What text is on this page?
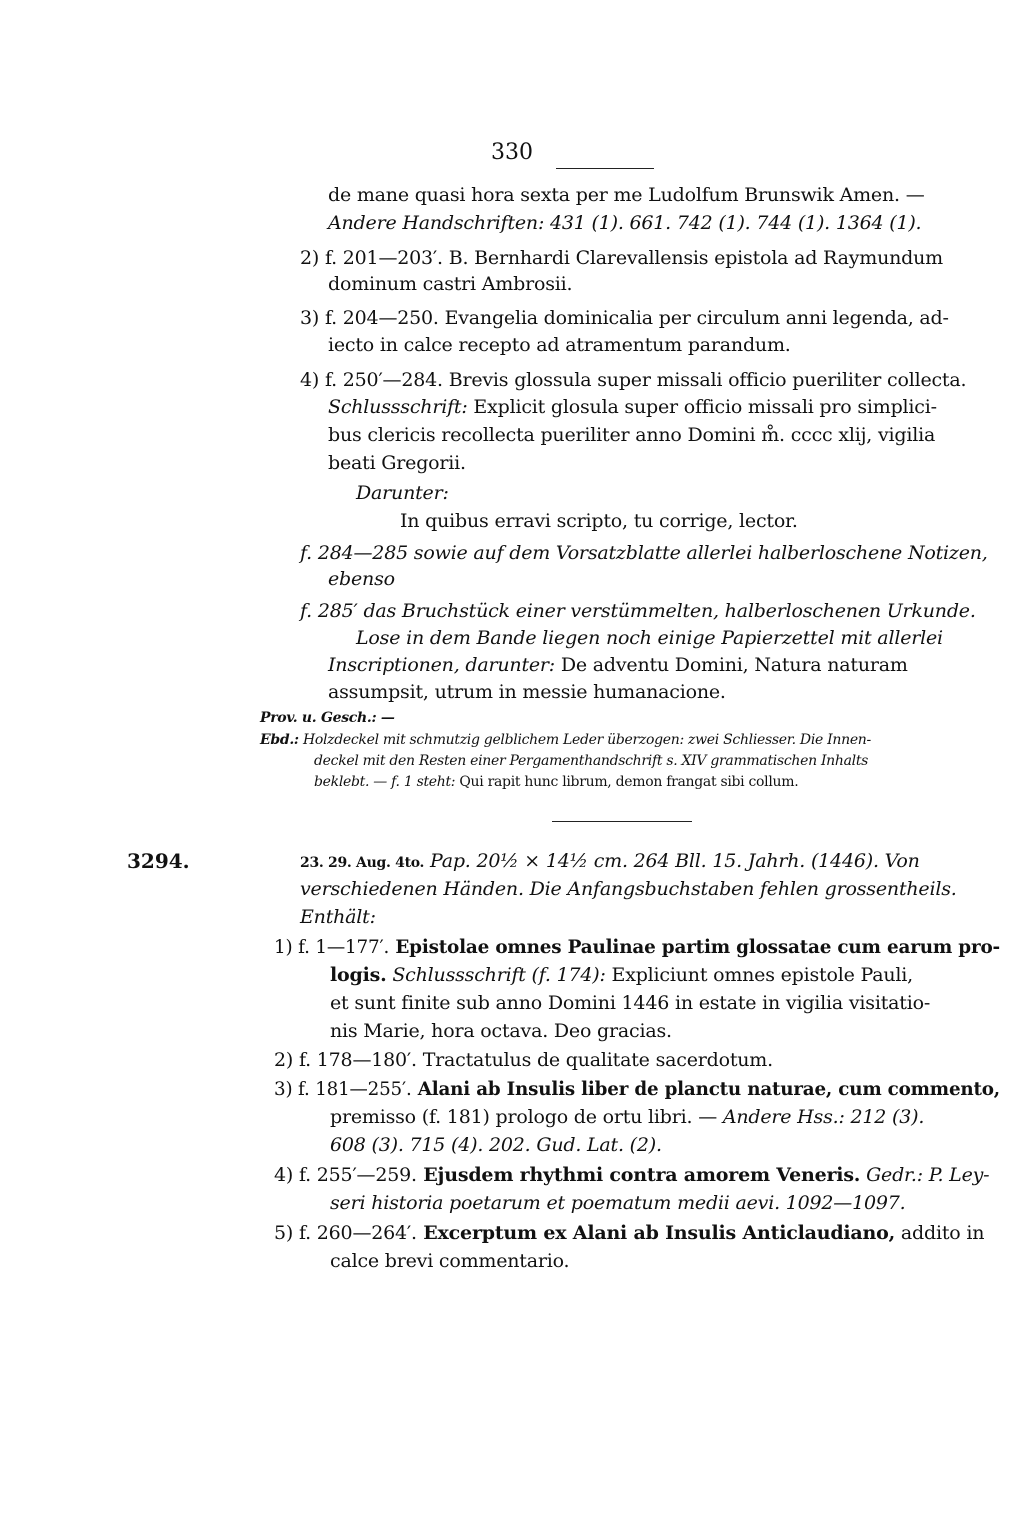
330
de mane quasi hora sexta per me Ludolfum Brunswik Amen. —
Andere Handschriften: 431 (1). 661. 742 (1). 744 (1). 1364 (1).
2) f. 201—203′. B. Bernhardi Clarevallensis epistola ad Raymundum
dominum castri Ambrosii.
3) f. 204—250. Evangelia dominicalia per circulum anni legenda, ad-
iecto in calce recepto ad atramentum parandum.
4) f. 250′—284. Brevis glossula super missali officio pueriliter collecta.
Schlussschrift: Explicit glosula super officio missali pro simplici-
bus clericis recollecta pueriliter anno Domini m̊. cccc xlij, vigilia
beati Gregorii.
Darunter:
In quibus erravi scripto, tu corrige, lector.
f. 284—285 sowie auf dem Vorsatzblatte allerlei halberloschene Notizen,
ebenso
f. 285′ das Bruchstück einer verstümmelten, halberloschenen Urkunde.
Lose in dem Bande liegen noch einige Papierzettel mit allerlei
Inscriptionen, darunter: De adventu Domini, Natura naturam
assumpsit, utrum in messie humanacione.
Prov. u. Gesch.: —
Ebd.: Holzdeckel mit schmutzig gelblichem Leder überzogen: zwei Schliesser. Die Innen-
deckel mit den Resten einer Pergamenthandschrift s. XIV grammatischen Inhalts
beklebt. — f. 1 steht: Qui rapit hunc librum, demon frangat sibi collum.
3294.	23. 29. Aug. 4to. Pap. 20½ × 14½ cm. 264 Bll. 15. Jahrh. (1446). Von
verschiedenen Händen. Die Anfangsbuchstaben fehlen grossentheils.
Enthält:
1) f. 1—177′. Epistolae omnes Paulinae partim glossatae cum earum pro-
logis. Schlussschrift (f. 174): Expliciunt omnes epistole Pauli,
et sunt finite sub anno Domini 1446 in estate in vigilia visitatio-
nis Marie, hora octava. Deo gracias.
2) f. 178—180′. Tractatulus de qualitate sacerdotum.
3) f. 181—255′. Alani ab Insulis liber de planctu naturae, cum commento,
premisso (f. 181) prologo de ortu libri. — Andere Hss.: 212 (3).
608 (3). 715 (4). 202. Gud. Lat. (2).
4) f. 255′—259. Ejusdem rhythmi contra amorem Veneris. Gedr.: P. Ley-
seri historia poetarum et poematum medii aevi. 1092—1097.
5) f. 260—264′. Excerptum ex Alani ab Insulis Anticlaudiano, addito in
calce brevi commentario.
